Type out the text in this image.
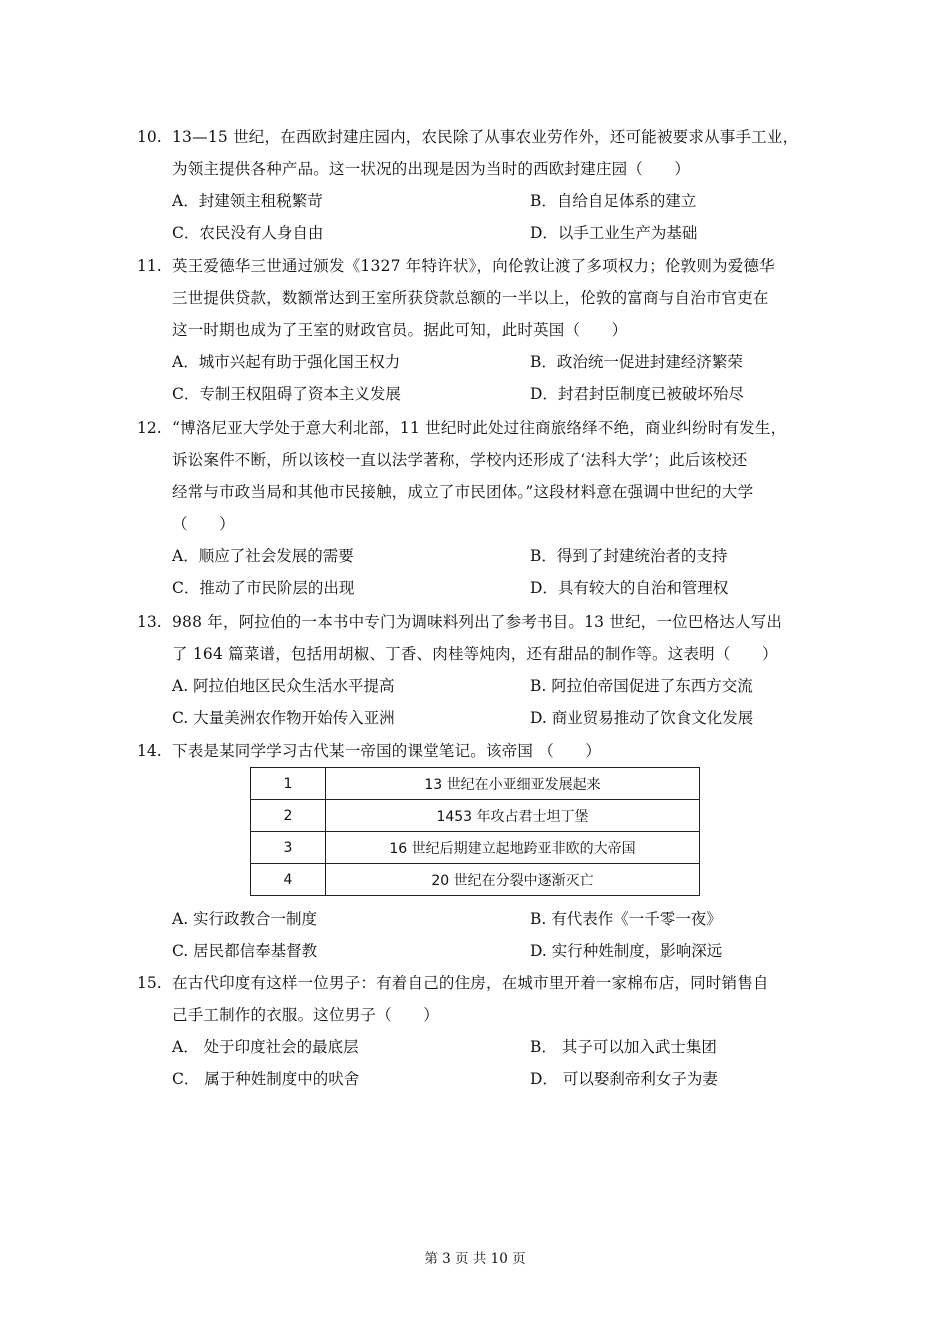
10. 13—15 世纪，在西欧封建庄园内，农民除了从事农业劳作外，还可能被要求从事手工业，
为领主提供各种产品。这一状况的出现是因为当时的西欧封建庄园（　　）
A．封建领主租税繁苛	B．自给自足体系的建立
C．农民没有人身自由	D．以手工业生产为基础
11. 英王爱德华三世通过颁发《1327 年特许状》，向伦敦让渡了多项权力；伦敦则为爱德华
三世提供贷款，数额常达到王室所获贷款总额的一半以上，伦敦的富商与自治市官吏在
这一时期也成为了王室的财政官员。据此可知，此时英国（　　）
A．城市兴起有助于强化国王权力	B．政治统一促进封建经济繁荣
C．专制王权阻碍了资本主义发展	D．封君封臣制度已被破坏殆尽
12. “博洛尼亚大学处于意大利北部，11 世纪时此处过往商旅络绎不绝，商业纠纷时有发生，
诉讼案件不断，所以该校一直以法学著称，学校内还形成了‘法科大学’；此后该校还
经常与市政当局和其他市民接触，成立了市民团体。”这段材料意在强调中世纪的大学
（　　）
A．顺应了社会发展的需要	B．得到了封建统治者的支持
C．推动了市民阶层的出现	D．具有较大的自治和管理权
13. 988 年，阿拉伯的一本书中专门为调味料列出了参考书目。13 世纪，一位巴格达人写出
了 164 篇菜谱，包括用胡椒、丁香、肉桂等炖肉，还有甜品的制作等。这表明（　　）
A. 阿拉伯地区民众生活水平提高	B. 阿拉伯帝国促进了东西方交流
C. 大量美洲农作物开始传入亚洲	D. 商业贸易推动了饮食文化发展
14. 下表是某同学学习古代某一帝国的课堂笔记。该帝国 （　　）
1	13 世纪在小亚细亚发展起来
2	1453 年攻占君士坦丁堡
3	16 世纪后期建立起地跨亚非欧的大帝国
4	20 世纪在分裂中逐渐灭亡
A. 实行政教合一制度	B. 有代表作《一千零一夜》
C. 居民都信奉基督教	D. 实行种姓制度，影响深远
15. 在古代印度有这样一位男子：有着自己的住房，在城市里开着一家棉布店，同时销售自
己手工制作的衣服。这位男子（　　）
A． 处于印度社会的最底层	B． 其子可以加入武士集团
C． 属于种姓制度中的吠舍	D． 可以娶刹帝利女子为妻
第 3 页 共 10 页
